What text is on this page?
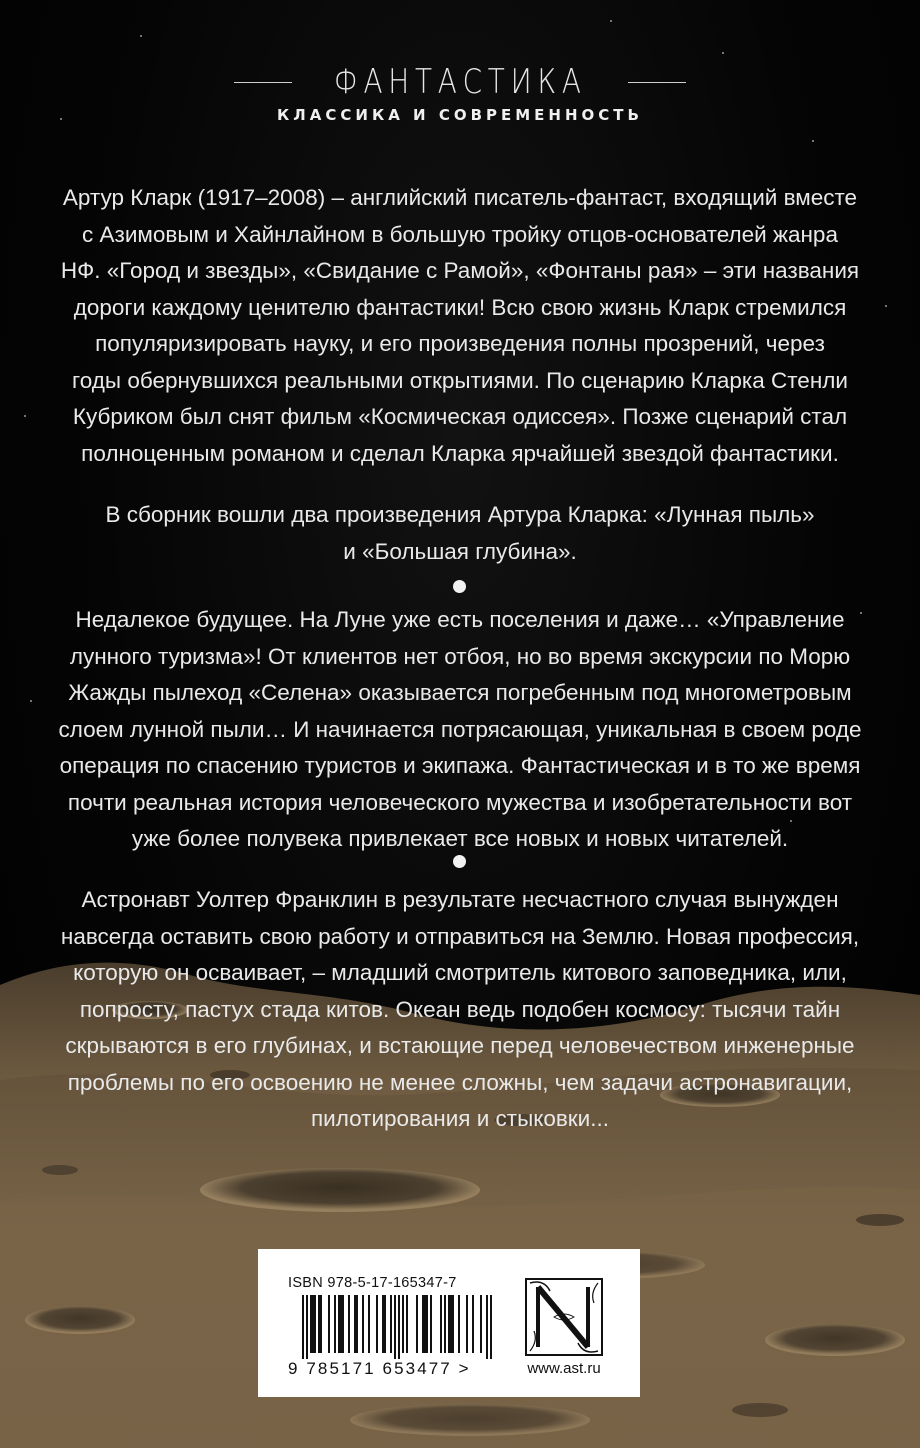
ФАНТАСТИКА
КЛАССИКА И СОВРЕМЕННОСТЬ

Артур Кларк (1917–2008) – английский писатель-фантаст, входящий вместе

с Азимовым и Хайнлайном в большую тройку отцов-основателей жанра

НФ. «Город и звезды», «Свидание с Рамой», «Фонтаны рая» – эти названия

дороги каждому ценителю фантастики! Всю свою жизнь Кларк стремился

популяризировать науку, и его произведения полны прозрений, через

годы обернувшихся реальными открытиями. По сценарию Кларка Стенли

Кубриком был снят фильм «Космическая одиссея». Позже сценарий стал

полноценным романом и сделал Кларка ярчайшей звездой фантастики.

В сборник вошли два произведения Артура Кларка: «Лунная пыль»

и «Большая глубина».

Недалекое будущее. На Луне уже есть поселения и даже… «Управление

лунного туризма»! От клиентов нет отбоя, но во время экскурсии по Морю

Жажды пылеход «Селена» оказывается погребенным под многометровым

слоем лунной пыли… И начинается потрясающая, уникальная в своем роде

операция по спасению туристов и экипажа. Фантастическая и в то же время

почти реальная история человеческого мужества и изобретательности вот

уже более полувека привлекает все новых и новых читателей.

Астронавт Уолтер Франклин в результате несчастного случая вынужден

навсегда оставить свою работу и отправиться на Землю. Новая профессия,

которую он осваивает, – младший смотритель китового заповедника, или,

попросту, пастух стада китов. Океан ведь подобен космосу: тысячи тайн

скрываются в его глубинах, и встающие перед человечеством инженерные

проблемы по его освоению не менее сложны, чем задачи астронавигации,

пилотирования и стыковки...

ISBN 978-5-17-165347-7
9 785171 653477 >	www.ast.ru
